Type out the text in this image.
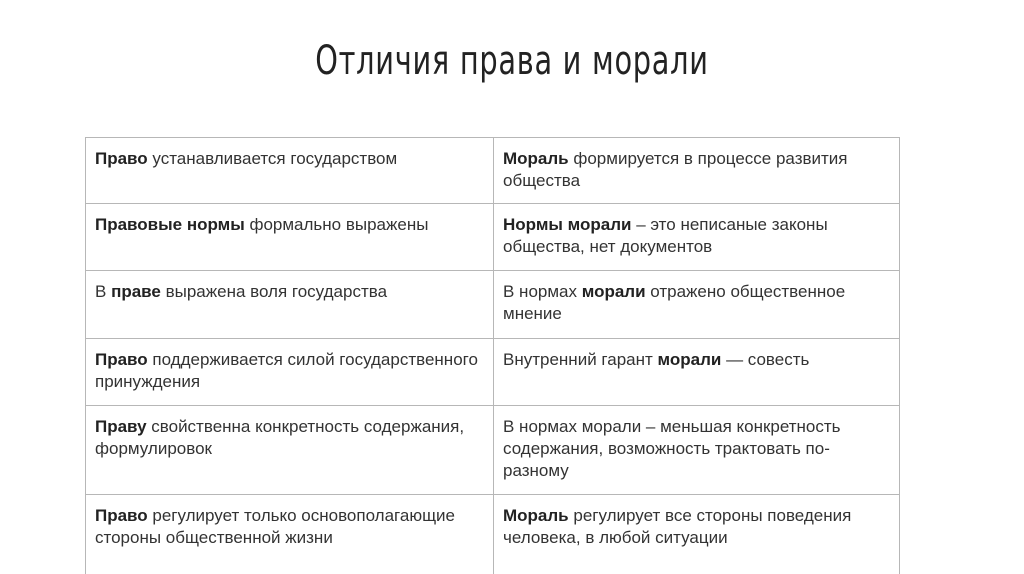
Отличия права и морали
Право устанавливается государством	Мораль формируется в процессе развития общества
Правовые нормы формально выражены	Нормы морали – это неписаные законы общества, нет документов
В праве выражена воля государства	В нормах морали отражено общественное мнение
Право поддерживается силой государственного принуждения	Внутренний гарант морали — совесть
Праву свойственна конкретность содержания, формулировок	В нормах морали – меньшая конкретность содержания, возможность трактовать по-разному
Право регулирует только основополагающие стороны общественной жизни	Мораль регулирует все стороны поведения человека, в любой ситуации
